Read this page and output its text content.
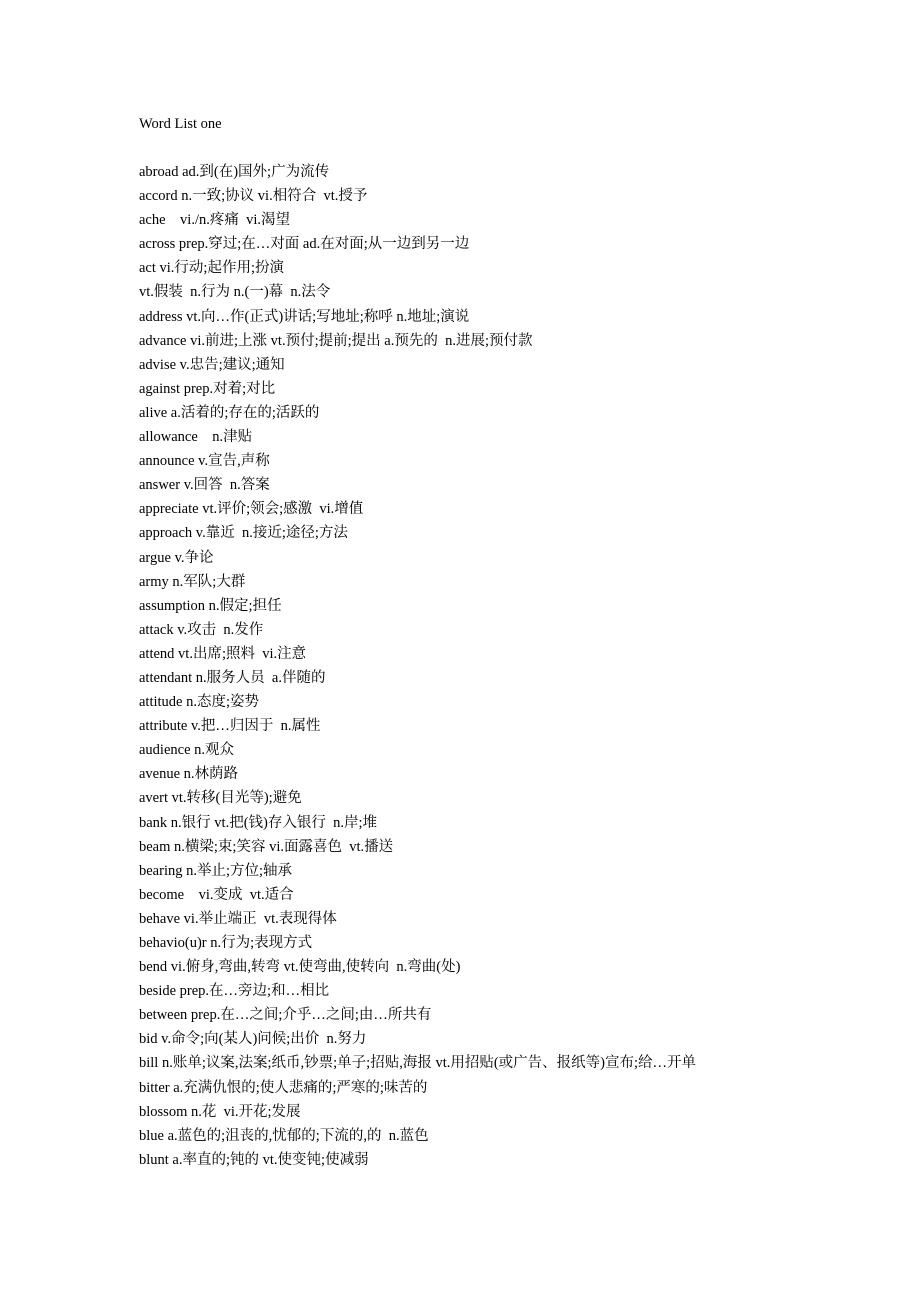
Word List one
abroad ad.到(在)国外;广为流传
accord n.一致;协议 vi.相符合  vt.授予
ache    vi./n.疼痛  vi.渴望
across prep.穿过;在…对面 ad.在对面;从一边到另一边
act vi.行动;起作用;扮演
vt.假装  n.行为 n.(一)幕  n.法令
address vt.向…作(正式)讲话;写地址;称呼 n.地址;演说
advance vi.前进;上涨 vt.预付;提前;提出 a.预先的  n.进展;预付款
advise v.忠告;建议;通知
against prep.对着;对比
alive a.活着的;存在的;活跃的
allowance    n.津贴
announce v.宣告,声称
answer v.回答  n.答案
appreciate vt.评价;领会;感激  vi.增值
approach v.靠近  n.接近;途径;方法
argue v.争论
army n.军队;大群
assumption n.假定;担任
attack v.攻击  n.发作
attend vt.出席;照料  vi.注意
attendant n.服务人员  a.伴随的
attitude n.态度;姿势
attribute v.把…归因于  n.属性
audience n.观众
avenue n.林荫路
avert vt.转移(目光等);避免
bank n.银行 vt.把(钱)存入银行  n.岸;堆
beam n.横梁;束;笑容 vi.面露喜色  vt.播送
bearing n.举止;方位;轴承
become    vi.变成  vt.适合
behave vi.举止端正  vt.表现得体
behavio(u)r n.行为;表现方式
bend vi.俯身,弯曲,转弯 vt.使弯曲,使转向  n.弯曲(处)
beside prep.在…旁边;和…相比
between prep.在…之间;介乎…之间;由…所共有
bid v.命令;向(某人)问候;出价  n.努力
bill n.账单;议案,法案;纸币,钞票;单子;招贴,海报 vt.用招贴(或广告、报纸等)宣布;给…开单
bitter a.充满仇恨的;使人悲痛的;严寒的;味苦的
blossom n.花  vi.开花;发展
blue a.蓝色的;沮丧的,忧郁的;下流的,的  n.蓝色
blunt a.率直的;钝的 vt.使变钝;使减弱
